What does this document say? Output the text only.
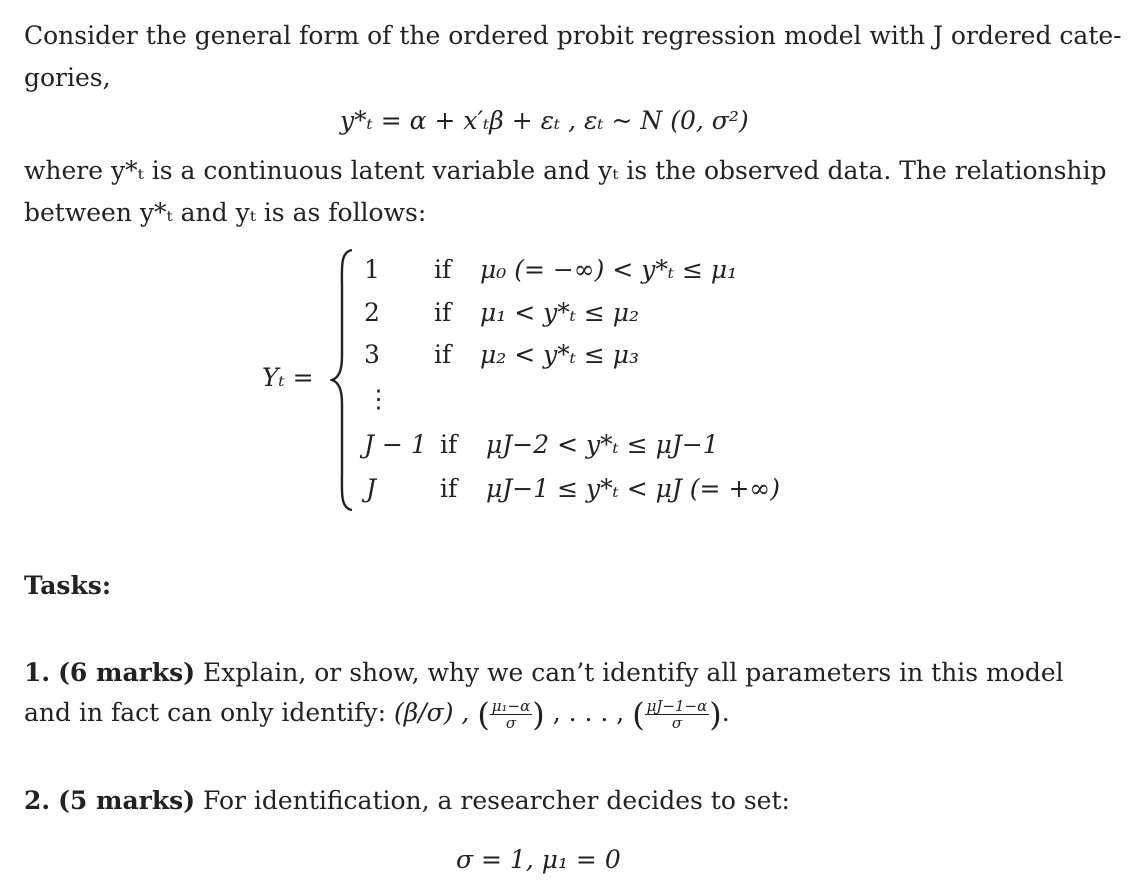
Consider the general form of the ordered probit regression model with J ordered cate-
gories,
y*ₜ = α + x′ₜβ + εₜ , εₜ ~ N (0, σ²)
where y*ₜ is a continuous latent variable and yₜ is the observed data. The relationship
between y*ₜ and yₜ is as follows:
Yₜ =
1 if μ₀ (= −∞) < y*ₜ ≤ μ₁
2 if μ₁ < y*ₜ ≤ μ₂
3 if μ₂ < y*ₜ ≤ μ₃
⋮
J − 1 if μJ−2 < y*ₜ ≤ μJ−1
J	if μJ−1 ≤ y*ₜ < μJ (= +∞)
Tasks:
1. (6 marks) Explain, or show, why we can’t identify all parameters in this model
and in fact can only identify: (β/σ) , ( $\frac{\text{μ₁−α}}{\sigma}$ ) , . . . , ( $\frac{\mu J-1-\alpha}{\sigma}$ ).
2. (5 marks) For identification, a researcher decides to set:
σ = 1, μ₁ = 0
